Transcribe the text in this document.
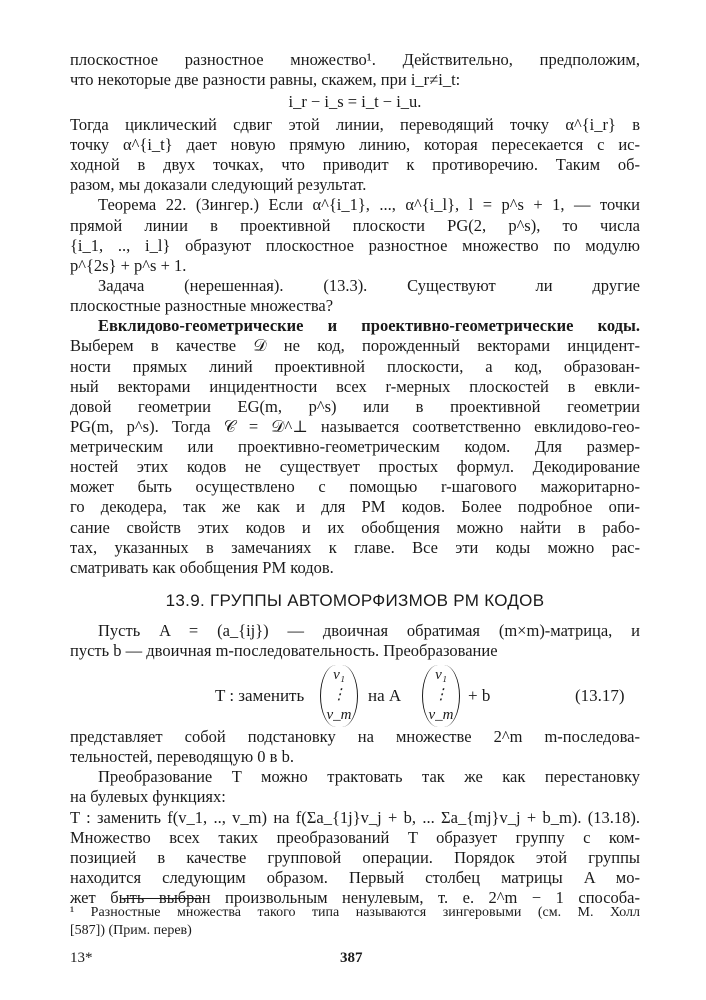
плоскостное разностное множество¹. Действительно, предположим,
что некоторые две разности равны, скажем, при i_r≠i_t:
i_r − i_s = i_t − i_u.
Тогда циклический сдвиг этой линии, переводящий точку α^{i_r} в
точку α^{i_t} дает новую прямую линию, которая пересекается с ис-
ходной в двух точках, что приводит к противоречию. Таким об-
разом, мы доказали следующий результат.
Теорема 22. (Зингер.) Если α^{i_1}, ..., α^{i_l}, l = p^s + 1, — точки
прямой линии в проективной плоскости PG(2, p^s), то числа
{i_1, .., i_l} образуют плоскостное разностное множество по модулю
p^{2s} + p^s + 1.
Задача (нерешенная). (13.3). Существуют ли другие
плоскостные разностные множества?
Евклидово-геометрические и проективно-геометрические коды.
Выберем в качестве 𝒟 не код, порожденный векторами инцидент-
ности прямых линий проективной плоскости, а код, образован-
ный векторами инцидентности всех r-мерных плоскостей в евкли-
довой геометрии EG(m, p^s) или в проективной геометрии
PG(m, p^s). Тогда 𝒞 = 𝒟^⊥ называется соответственно евклидово-гео-
метрическим или проективно-геометрическим кодом. Для размер-
ностей этих кодов не существует простых формул. Декодирование
может быть осуществлено с помощью r-шагового мажоритарно-
го декодера, так же как и для РМ кодов. Более подробное опи-
сание свойств этих кодов и их обобщения можно найти в рабо-
тах, указанных в замечаниях к главе. Все эти коды можно рас-
сматривать как обобщения РМ кодов.
13.9. ГРУППЫ АВТОМОРФИЗМОВ РМ КОДОВ
Пусть A = (a_{ij}) — двоичная обратимая (m×m)-матрица, и
пусть b — двоичная m-последовательность. Преобразование
T : заменить
v₁
⋮
v_m
на A
v₁
⋮
v_m
+ b	(13.17)
представляет собой подстановку на множестве 2^m m-последова-
тельностей, переводящую 0 в b.
Преобразование T можно трактовать так же как перестановку
на булевых функциях:
T : заменить f(v_1, .., v_m) на f(Σa_{1j}v_j + b, ... Σa_{mj}v_j + b_m). (13.18).
Множество всех таких преобразований T образует группу с ком-
позицией в качестве групповой операции. Порядок этой группы
находится следующим образом. Первый столбец матрицы A мо-
жет быть выбран произвольным ненулевым, т. е. 2^m − 1 способа-
¹ Разностные множества такого типа называются зингеровыми (см. М. Холл
[587]) (Прим. перев)
13*	387
